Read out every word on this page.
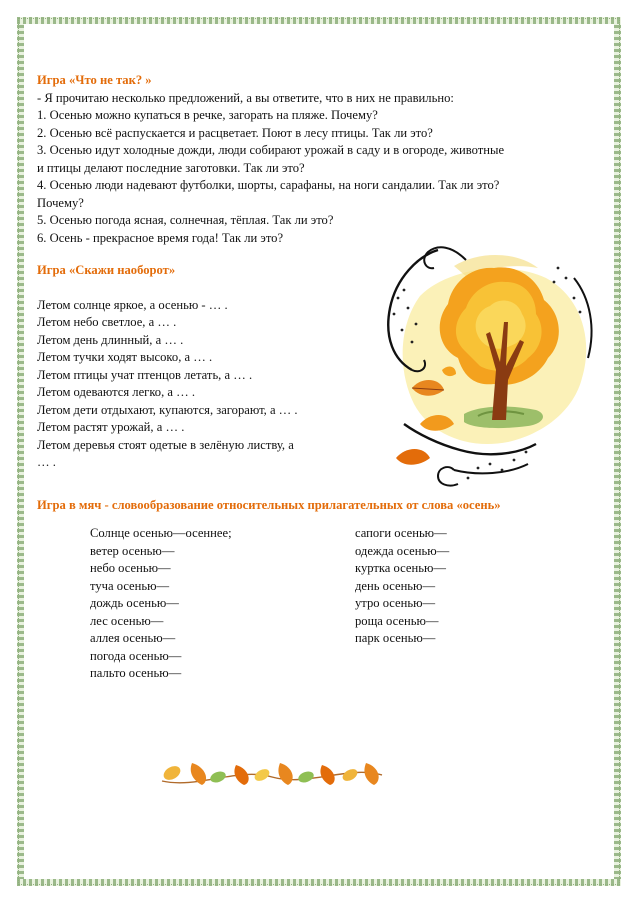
Игра «Что не так? »
- Я прочитаю несколько предложений, а вы ответите, что в них не правильно:
1. Осенью можно купаться в речке, загорать на пляже. Почему?
2. Осенью всё распускается и расцветает. Поют в лесу птицы. Так ли это?
3. Осенью идут холодные дожди, люди собирают урожай в саду и в огороде, животные
и птицы делают последние заготовки. Так ли это?
4. Осенью люди надевают футболки, шорты, сарафаны, на ноги сандалии. Так ли это?
Почему?
5. Осенью погода ясная, солнечная, тёплая. Так ли это?
6. Осень - прекрасное время года! Так ли это?
Игра «Скажи наоборот»
Летом солнце яркое, а осенью - … .
Летом небо светлое, а … .
Летом день длинный, а … .
Летом тучки ходят высоко, а … .
Летом птицы учат птенцов летать, а … .
Летом одеваются легко, а … .
Летом дети отдыхают, купаются, загорают, а … .
Летом растят урожай, а … .
Летом деревья стоят одетые в зелёную листву, а
… .
Игра в мяч - словообразование относительных прилагательных от слова «осень»
Солнце осенью—осеннее;
ветер осенью—
небо осенью—
туча осенью—
дождь осенью—
лес осенью—
аллея осенью—
погода осенью—
пальто осенью—
сапоги осенью—
одежда осенью—
куртка осенью—
день осенью—
утро осенью—
роща осенью—
парк осенью—
